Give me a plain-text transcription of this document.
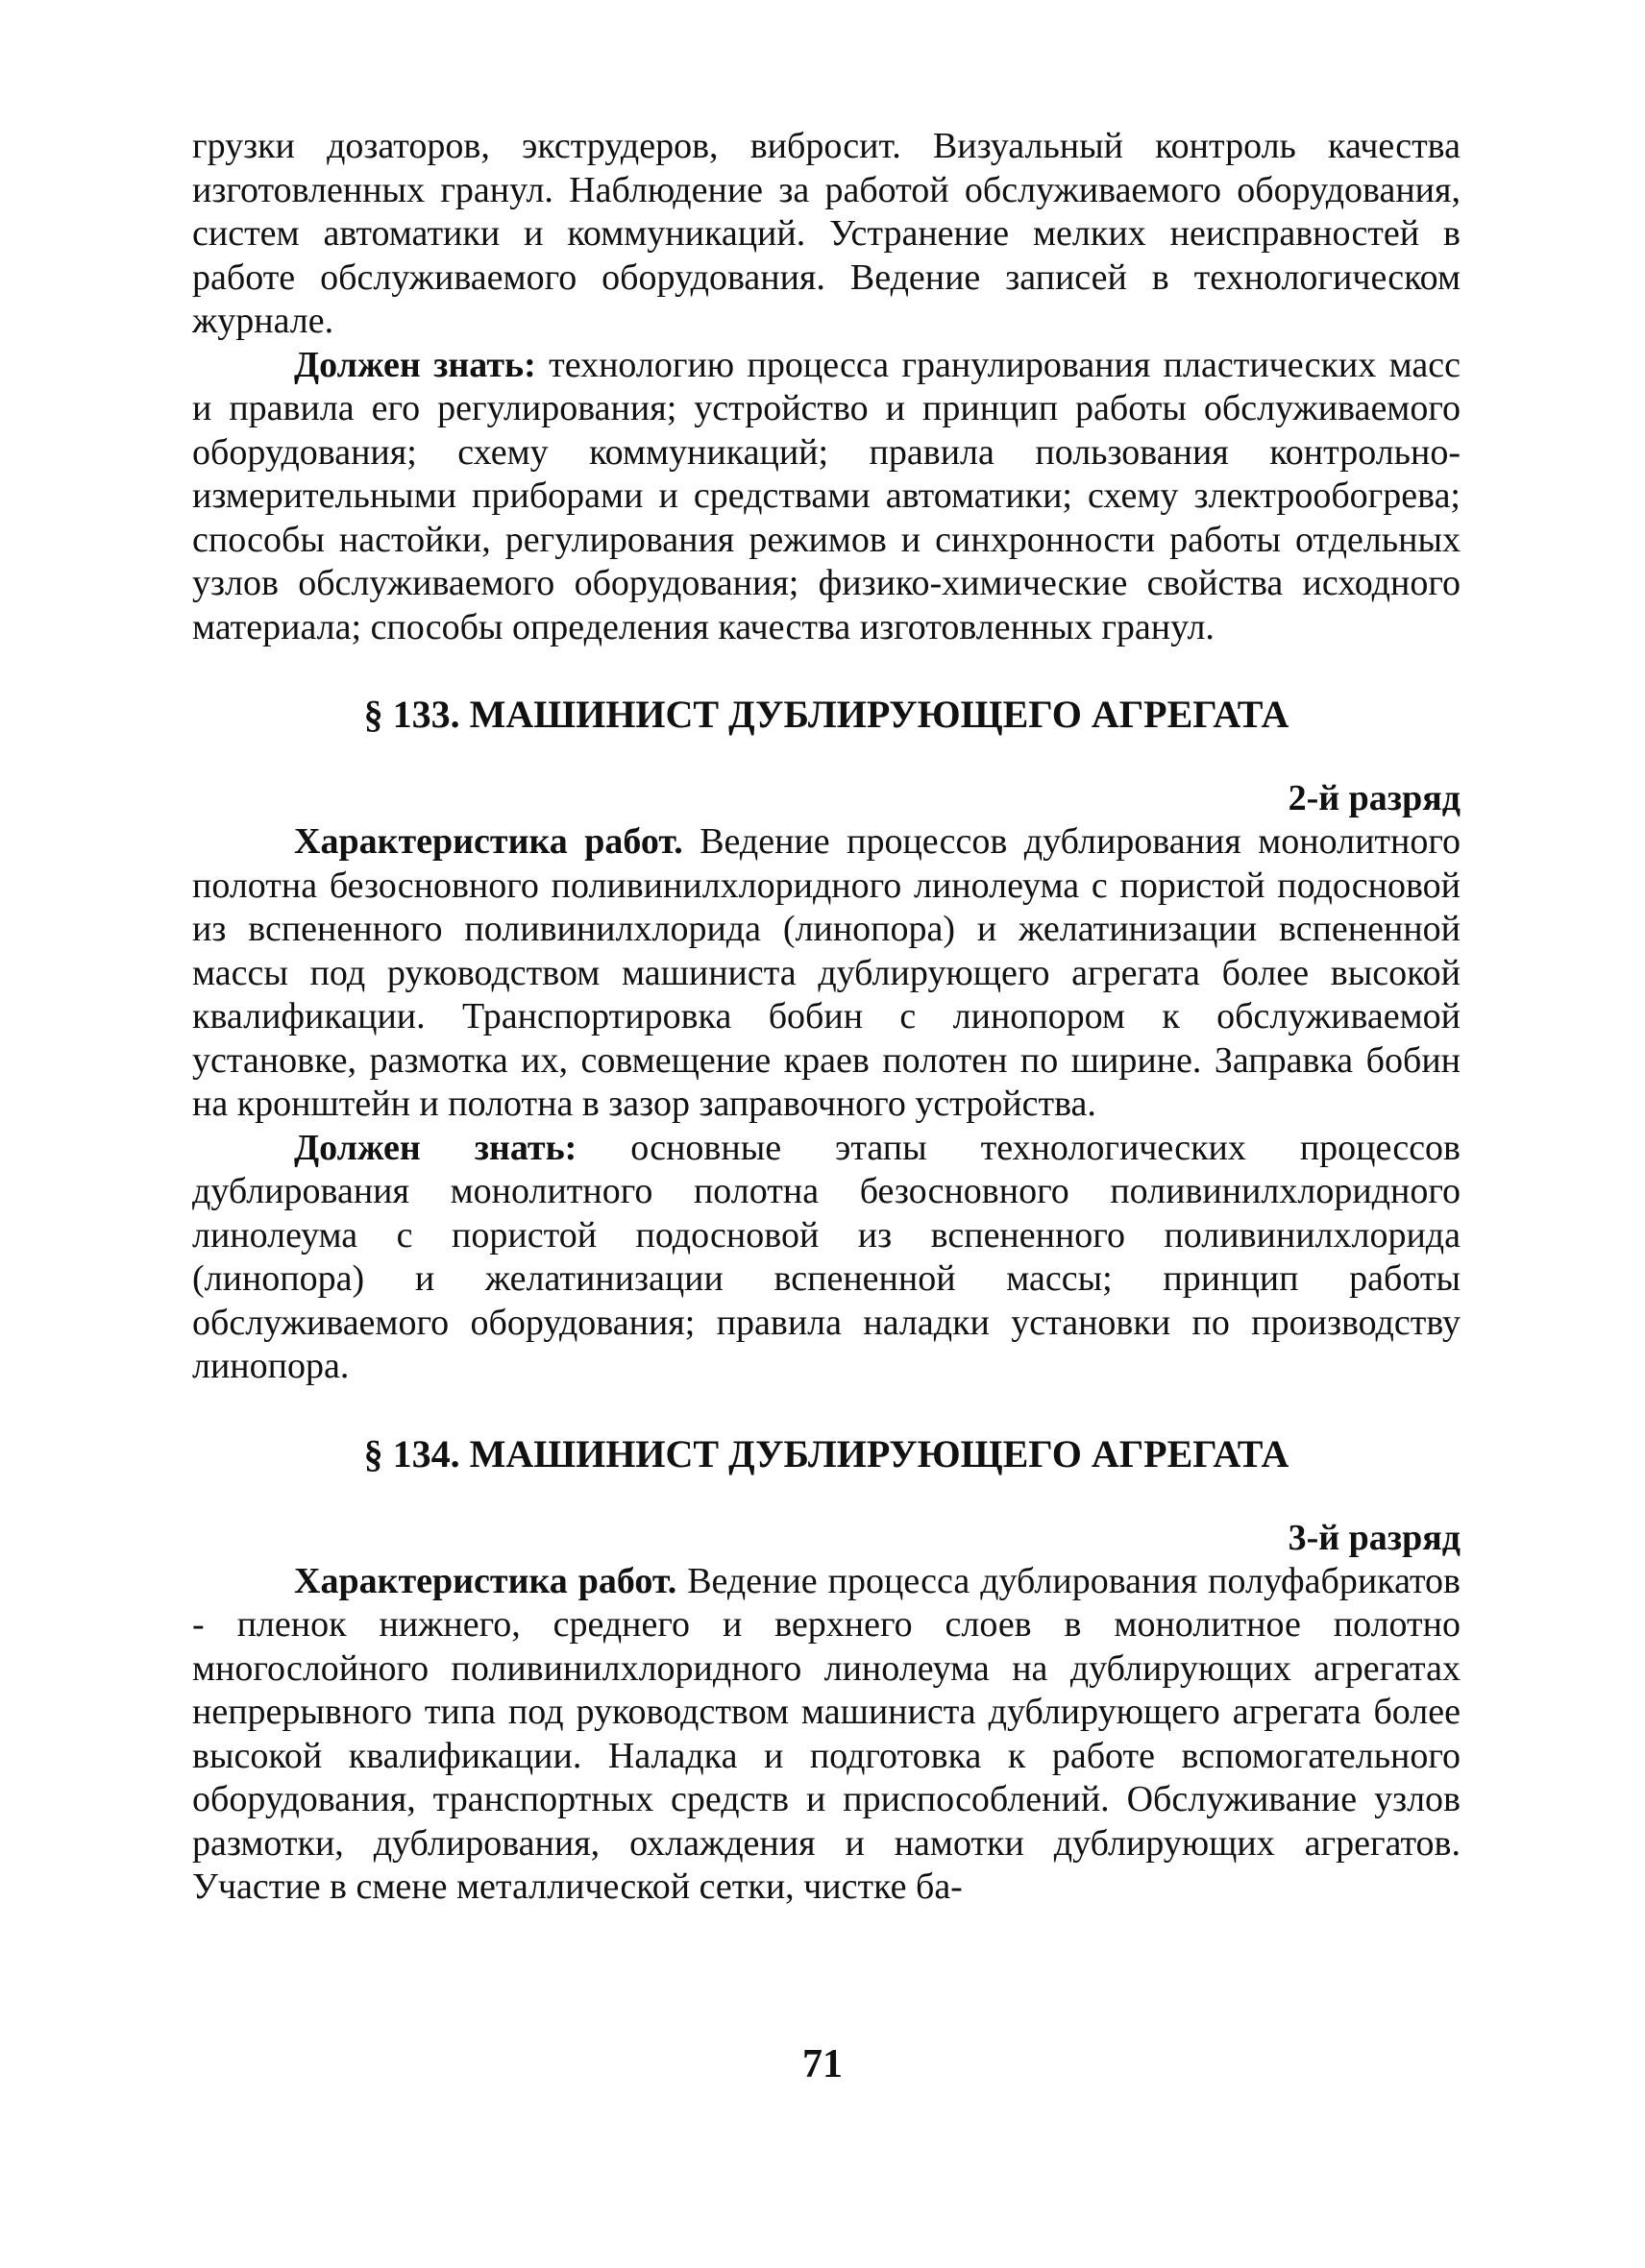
грузки дозаторов, экструдеров, вибросит. Визуальный контроль качества изготовленных гранул. Наблюдение за работой обслуживаемого оборудования, систем автоматики и коммуникаций. Устранение мелких неисправностей в работе обслуживаемого оборудования. Ведение записей в технологическом журнале.

Должен знать: технологию процесса гранулирования пластических масс и правила его регулирования; устройство и принцип работы обслуживаемого оборудования; схему коммуникаций; правила пользования контрольно-измерительными приборами и средствами автоматики; схему злектрообогрева; способы настойки, регулирования режимов и синхронности работы отдельных узлов обслуживаемого оборудования; физико-химические свойства исходного материала; способы определения качества изготовленных гранул.

§ 133. МАШИНИСТ ДУБЛИРУЮЩЕГО АГРЕГАТА

2-й разряд

Характеристика работ. Ведение процессов дублирования монолитного полотна безосновного поливинилхлоридного линолеума с пористой подосновой из вспененного поливинилхлорида (линопора) и желатинизации вспененной массы под руководством машиниста дублирующего агрегата более высокой квалификации. Транспортировка бобин с линопором к обслуживаемой установке, размотка их, совмещение краев полотен по ширине. Заправка бобин на кронштейн и полотна в зазор заправочного устройства.

Должен знать: основные этапы технологических процессов дублирования монолитного полотна безосновного поливинилхлоридного линолеума с пористой подосновой из вспененного поливинилхлорида (линопора) и желатинизации вспененной массы; принцип работы обслуживаемого оборудования; правила наладки установки по производству линопора.

§ 134. МАШИНИСТ ДУБЛИРУЮЩЕГО АГРЕГАТА

3-й разряд

Характеристика работ. Ведение процесса дублирования полуфабрикатов - пленок нижнего, среднего и верхнего слоев в монолитное полотно многослойного поливинилхлоридного линолеума на дублирующих агрегатах непрерывного типа под руководством машиниста дублирующего агрегата более высокой квалификации. Наладка и подготовка к работе вспомогательного оборудования, транспортных средств и приспособлений. Обслуживание узлов размотки, дублирования, охлаждения и намотки дублирующих агрегатов. Участие в смене металлической сетки, чистке ба-

71
